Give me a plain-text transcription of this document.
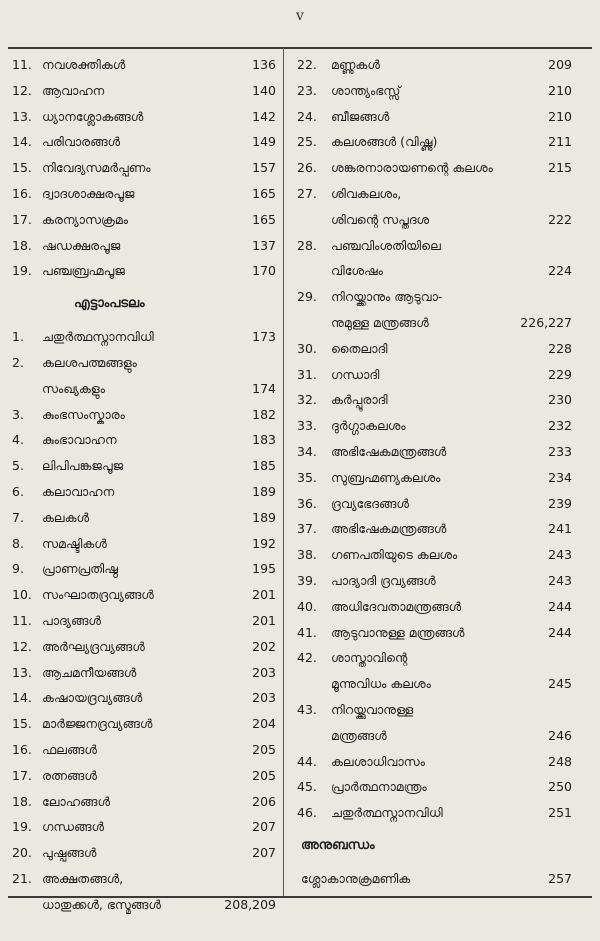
v
11. നവശക്തികൾ	136
12. ആവാഹന	140
13. ധ്യാനശ്ലോകങ്ങൾ	142
14. പരിവാരങ്ങൾ	149
15. നിവേദ്യസമർപ്പണം	157
16. ദ്വാദശാക്ഷരപൂജ	165
17. കരന്യാസക്രമം	165
18. ഷഡക്ഷരപൂജ	137
19. പഞ്ചബ്രഹ്മപൂജ	170
എട്ടാംപടലം
1. ചതുർത്ഥസ്നാനവിധി	173
2. കലശപത്മങ്ങളും
സംഖ്യകളും	174
3. കുംഭസംസ്കാരം	182
4. കുംഭാവാഹന	183
5. ലിപിപങ്കജപൂജ	185
6. കലാവാഹന	189
7. കലകൾ	189
8. സമഷ്ടികൾ	192
9. പ്രാണപ്രതിഷ്ഠ	195
10. സംഘാതദ്രവ്യങ്ങൾ	201
11. പാദ്യങ്ങൾ	201
12. അർഘ്യദ്രവ്യങ്ങൾ	202
13. ആചമനീയങ്ങൾ	203
14. കഷായദ്രവ്യങ്ങൾ	203
15. മാർജ്ജനദ്രവ്യങ്ങൾ	204
16. ഫലങ്ങൾ	205
17. രത്നങ്ങൾ	205
18. ലോഹങ്ങൾ	206
19. ഗന്ധങ്ങൾ	207
20. പുഷ്പങ്ങൾ	207
21. അക്ഷതങ്ങൾ,
ധാതുക്കൾ, ഭസ്മങ്ങൾ	208,209
22. മണ്ണുകൾ	209
23. ശാന്ത്യംഭസ്സ്	210
24. ബീജങ്ങൾ	210
25. കലശങ്ങൾ (വിഷ്ണു)	211
26. ശങ്കരനാരായണന്റെ കലശം	215
27. ശിവകലശം,
ശിവന്റെ സപ്തദശ	222
28. പഞ്ചവിംശതിയിലെ
വിശേഷം	224
29. നിറയ്ക്കാനും ആടുവാ-
നുമുള്ള മന്ത്രങ്ങൾ	226,227
30. തൈലാദി	228
31. ഗന്ധാദി	229
32. കർപ്പൂരാദി	230
33. ദുർഗ്ഗാകലശം	232
34. അഭിഷേകമന്ത്രങ്ങൾ	233
35. സുബ്രഹ്മണ്യകലശം	234
36. ദ്രവ്യഭേദങ്ങൾ	239
37. അഭിഷേകമന്ത്രങ്ങൾ	241
38. ഗണപതിയുടെ കലശം	243
39. പാദ്യാദി ദ്രവ്യങ്ങൾ	243
40. അധിദേവതാമന്ത്രങ്ങൾ	244
41. ആടുവാനുള്ള മന്ത്രങ്ങൾ	244
42. ശാസ്താവിന്റെ
മൂന്നുവിധം കലശം	245
43. നിറയ്ക്കുവാനുള്ള
മന്ത്രങ്ങൾ	246
44. കലശാധിവാസം	248
45. പ്രാർത്ഥനാമന്ത്രം	250
46. ചതുർത്ഥസ്നാനവിധി	251
അനുബന്ധം
ശ്ലോകാനുക്രമണിക	257
